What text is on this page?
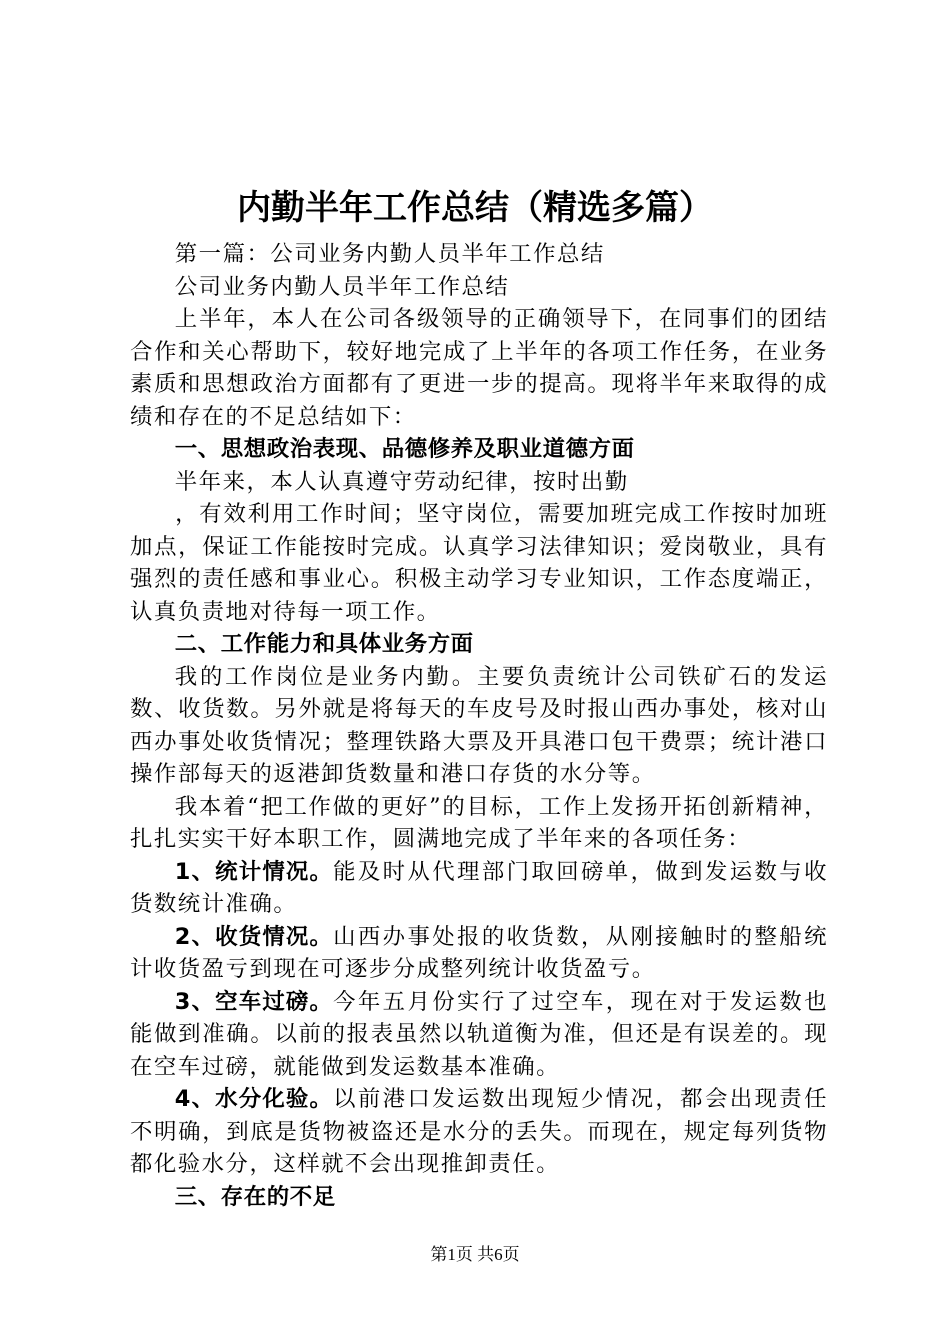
内勤半年工作总结（精选多篇）

第一篇：公司业务内勤人员半年工作总结

公司业务内勤人员半年工作总结

上半年，本人在公司各级领导的正确领导下，在同事们的团结合作和关心帮助下，较好地完成了上半年的各项工作任务，在业务素质和思想政治方面都有了更进一步的提高。现将半年来取得的成绩和存在的不足总结如下：

一、思想政治表现、品德修养及职业道德方面

半年来，本人认真遵守劳动纪律，按时出勤

，有效利用工作时间；坚守岗位，需要加班完成工作按时加班加点，保证工作能按时完成。认真学习法律知识；爱岗敬业，具有强烈的责任感和事业心。积极主动学习专业知识，工作态度端正，认真负责地对待每一项工作。

二、工作能力和具体业务方面

我的工作岗位是业务内勤。主要负责统计公司铁矿石的发运数、收货数。另外就是将每天的车皮号及时报山西办事处，核对山西办事处收货情况；整理铁路大票及开具港口包干费票；统计港口操作部每天的返港卸货数量和港口存货的水分等。

我本着“把工作做的更好”的目标，工作上发扬开拓创新精神，扎扎实实干好本职工作，圆满地完成了半年来的各项任务：

1、统计情况。能及时从代理部门取回磅单，做到发运数与收货数统计准确。

2、收货情况。山西办事处报的收货数，从刚接触时的整船统计收货盈亏到现在可逐步分成整列统计收货盈亏。

3、空车过磅。今年五月份实行了过空车，现在对于发运数也能做到准确。以前的报表虽然以轨道衡为准，但还是有误差的。现在空车过磅，就能做到发运数基本准确。

4、水分化验。以前港口发运数出现短少情况，都会出现责任不明确，到底是货物被盗还是水分的丢失。而现在，规定每列货物都化验水分，这样就不会出现推卸责任。

三、存在的不足

第1页 共6页
